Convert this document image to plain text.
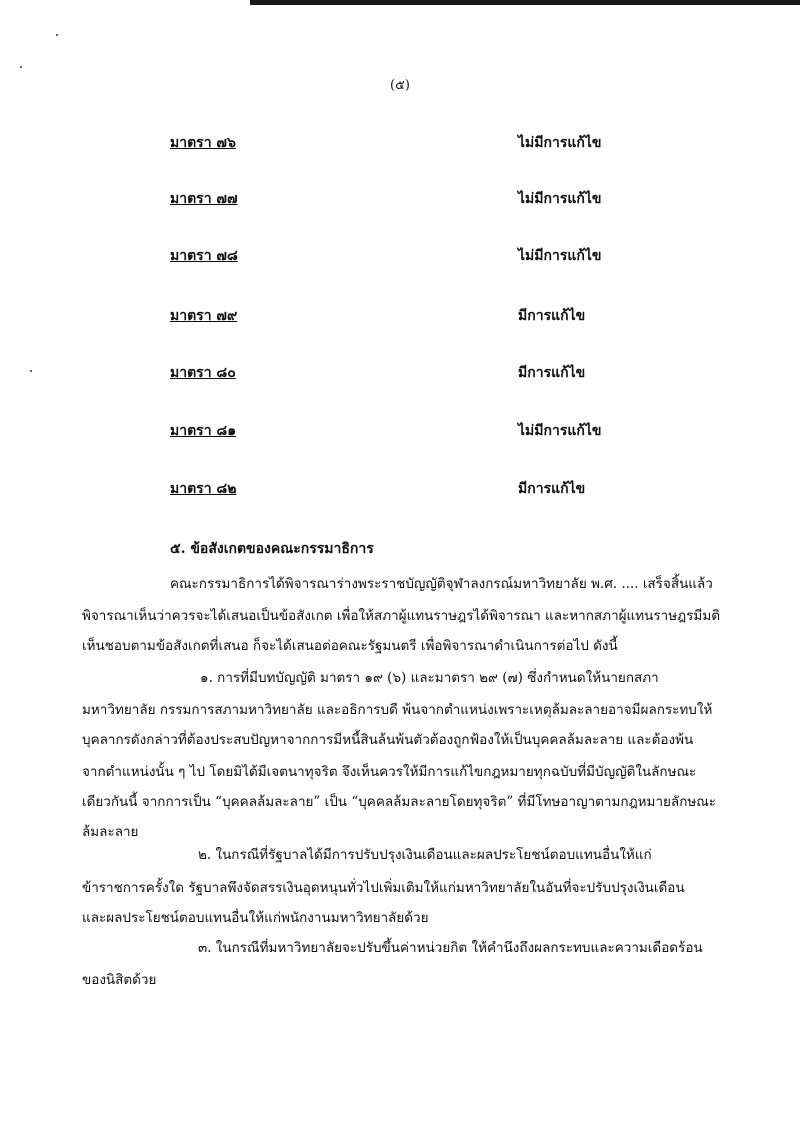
(๕)
มาตรา ๗๖	ไม่มีการแก้ไข
มาตรา ๗๗	ไม่มีการแก้ไข
มาตรา ๗๘	ไม่มีการแก้ไข
มาตรา ๗๙	มีการแก้ไข
มาตรา ๘๐	มีการแก้ไข
มาตรา ๘๑	ไม่มีการแก้ไข
มาตรา ๘๒	มีการแก้ไข
๕. ข้อสังเกตของคณะกรรมาธิการ
คณะกรรมาธิการได้พิจารณาร่างพระราชบัญญัติจุฬาลงกรณ์มหาวิทยาลัย พ.ศ. .... เสร็จสิ้นแล้ว
พิจารณาเห็นว่าควรจะได้เสนอเป็นข้อสังเกต เพื่อให้สภาผู้แทนราษฎรได้พิจารณา และหากสภาผู้แทนราษฎรมีมติ
เห็นชอบตามข้อสังเกตที่เสนอ ก็จะได้เสนอต่อคณะรัฐมนตรี เพื่อพิจารณาดำเนินการต่อไป ดังนี้
๑. การที่มีบทบัญญัติ มาตรา ๑๙ (๖) และมาตรา ๒๙ (๗) ซึ่งกำหนดให้นายกสภา
มหาวิทยาลัย กรรมการสภามหาวิทยาลัย และอธิการบดี พ้นจากตำแหน่งเพราะเหตุล้มละลายอาจมีผลกระทบให้
บุคลากรดังกล่าวที่ต้องประสบปัญหาจากการมีหนี้สินล้นพ้นตัวต้องถูกฟ้องให้เป็นบุคคลล้มละลาย และต้องพ้น
จากตำแหน่งนั้น ๆ ไป โดยมิได้มีเจตนาทุจริต จึงเห็นควรให้มีการแก้ไขกฎหมายทุกฉบับที่มีบัญญัติในลักษณะ
เดียวกันนี้ จากการเป็น “บุคคลล้มละลาย” เป็น “บุคคลล้มละลายโดยทุจริต” ที่มีโทษอาญาตามกฎหมายลักษณะ
ล้มละลาย
๒. ในกรณีที่รัฐบาลได้มีการปรับปรุงเงินเดือนและผลประโยชน์ตอบแทนอื่นให้แก่
ข้าราชการครั้งใด รัฐบาลพึงจัดสรรเงินอุดหนุนทั่วไปเพิ่มเติมให้แก่มหาวิทยาลัยในอันที่จะปรับปรุงเงินเดือน
และผลประโยชน์ตอบแทนอื่นให้แก่พนักงานมหาวิทยาลัยด้วย
๓. ในกรณีที่มหาวิทยาลัยจะปรับขึ้นค่าหน่วยกิต ให้คำนึงถึงผลกระทบและความเดือดร้อน
ของนิสิตด้วย
